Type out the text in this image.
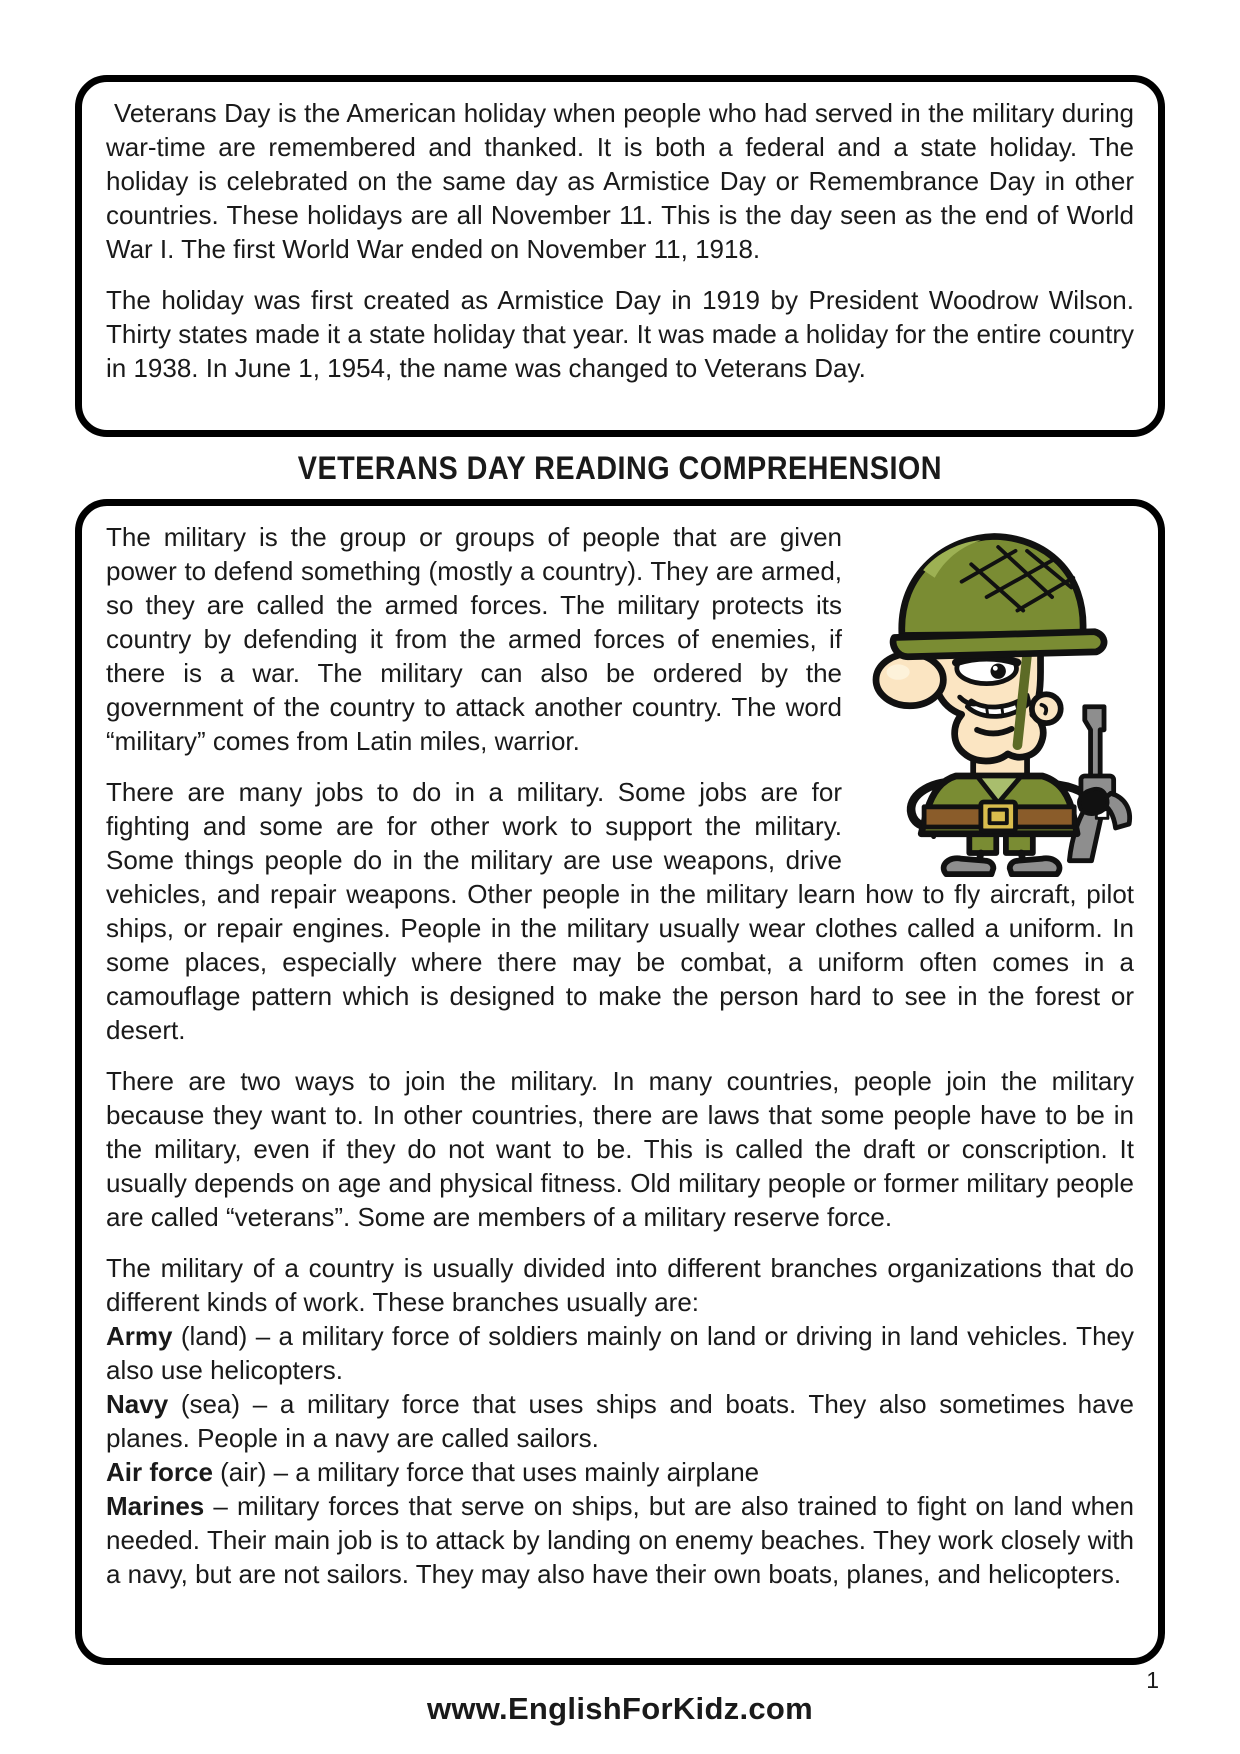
Veterans Day is the American holiday when people who had served in the military during war-time are remembered and thanked. It is both a federal and a state holiday. The holiday is celebrated on the same day as Armistice Day or Remembrance Day in other countries. These holidays are all November 11. This is the day seen as the end of World War I. The first World War ended on November 11, 1918.

The holiday was first created as Armistice Day in 1919 by President Woodrow Wilson. Thirty states made it a state holiday that year. It was made a holiday for the entire country in 1938. In June 1, 1954, the name was changed to Veterans Day.

VETERANS DAY READING COMPREHENSION

The military is the group or groups of people that are given power to defend something (mostly a country). They are armed, so they are called the armed forces. The military protects its country by defending it from the armed forces of enemies, if there is a war. The military can also be ordered by the government of the country to attack another country. The word “military” comes from Latin miles, warrior.

There are many jobs to do in a military. Some jobs are for fighting and some are for other work to support the military. Some things people do in the military are use weapons, drive vehicles, and repair weapons. Other people in the military learn how to fly aircraft, pilot ships, or repair engines. People in the military usually wear clothes called a uniform. In some places, especially where there may be combat, a uniform often comes in a camouflage pattern which is designed to make the person hard to see in the forest or desert.

There are two ways to join the military. In many countries, people join the military because they want to. In other countries, there are laws that some people have to be in the military, even if they do not want to be. This is called the draft or conscription. It usually depends on age and physical fitness. Old military people or former military people are called “veterans”. Some are members of a military reserve force.

The military of a country is usually divided into different branches organizations that do different kinds of work. These branches usually are:

Army (land) – a military force of soldiers mainly on land or driving in land vehicles. They also use helicopters.

Navy (sea) – a military force that uses ships and boats. They also sometimes have planes. People in a navy are called sailors.

Air force (air) – a military force that uses mainly airplane

Marines – military forces that serve on ships, but are also trained to fight on land when needed. Their main job is to attack by landing on enemy beaches. They work closely with a navy, but are not sailors. They may also have their own boats, planes, and helicopters.

1
www.EnglishForKidz.com
